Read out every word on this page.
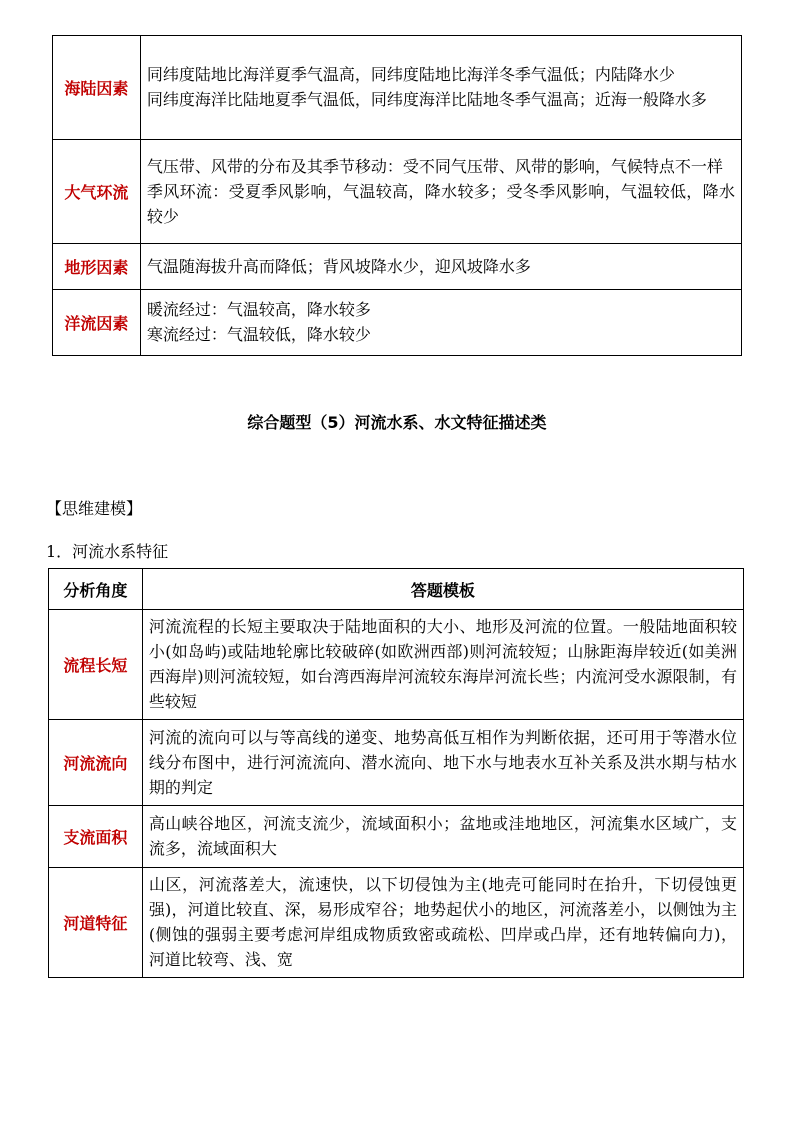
海陆因素	同纬度陆地比海洋夏季气温高，同纬度陆地比海洋冬季气温低；内陆降水少
同纬度海洋比陆地夏季气温低，同纬度海洋比陆地冬季气温高；近海一般降水多

大气环流	气压带、风带的分布及其季节移动：受不同气压带、风带的影响，气候特点不一样
季风环流：受夏季风影响，气温较高，降水较多；受冬季风影响，气温较低，降水较少

地形因素	气温随海拔升高而降低；背风坡降水少，迎风坡降水多

洋流因素	暖流经过：气温较高，降水较多
寒流经过：气温较低，降水较少
综合题型（5）河流水系、水文特征描述类
【思维建模】
1．河流水系特征
分析角度	答题模板
流程长短	河流流程的长短主要取决于陆地面积的大小、地形及河流的位置。一般陆地面积较小(如岛屿)或陆地轮廓比较破碎(如欧洲西部)则河流较短；山脉距海岸较近(如美洲西海岸)则河流较短，如台湾西海岸河流较东海岸河流长些；内流河受水源限制，有些较短
河流流向	河流的流向可以与等高线的递变、地势高低互相作为判断依据，还可用于等潜水位线分布图中，进行河流流向、潜水流向、地下水与地表水互补关系及洪水期与枯水期的判定
支流面积	高山峡谷地区，河流支流少，流域面积小；盆地或洼地地区，河流集水区域广，支流多，流域面积大
河道特征	山区，河流落差大，流速快，以下切侵蚀为主(地壳可能同时在抬升，下切侵蚀更强)，河道比较直、深，易形成窄谷；地势起伏小的地区，河流落差小，以侧蚀为主(侧蚀的强弱主要考虑河岸组成物质致密或疏松、凹岸或凸岸，还有地转偏向力)，河道比较弯、浅、宽
